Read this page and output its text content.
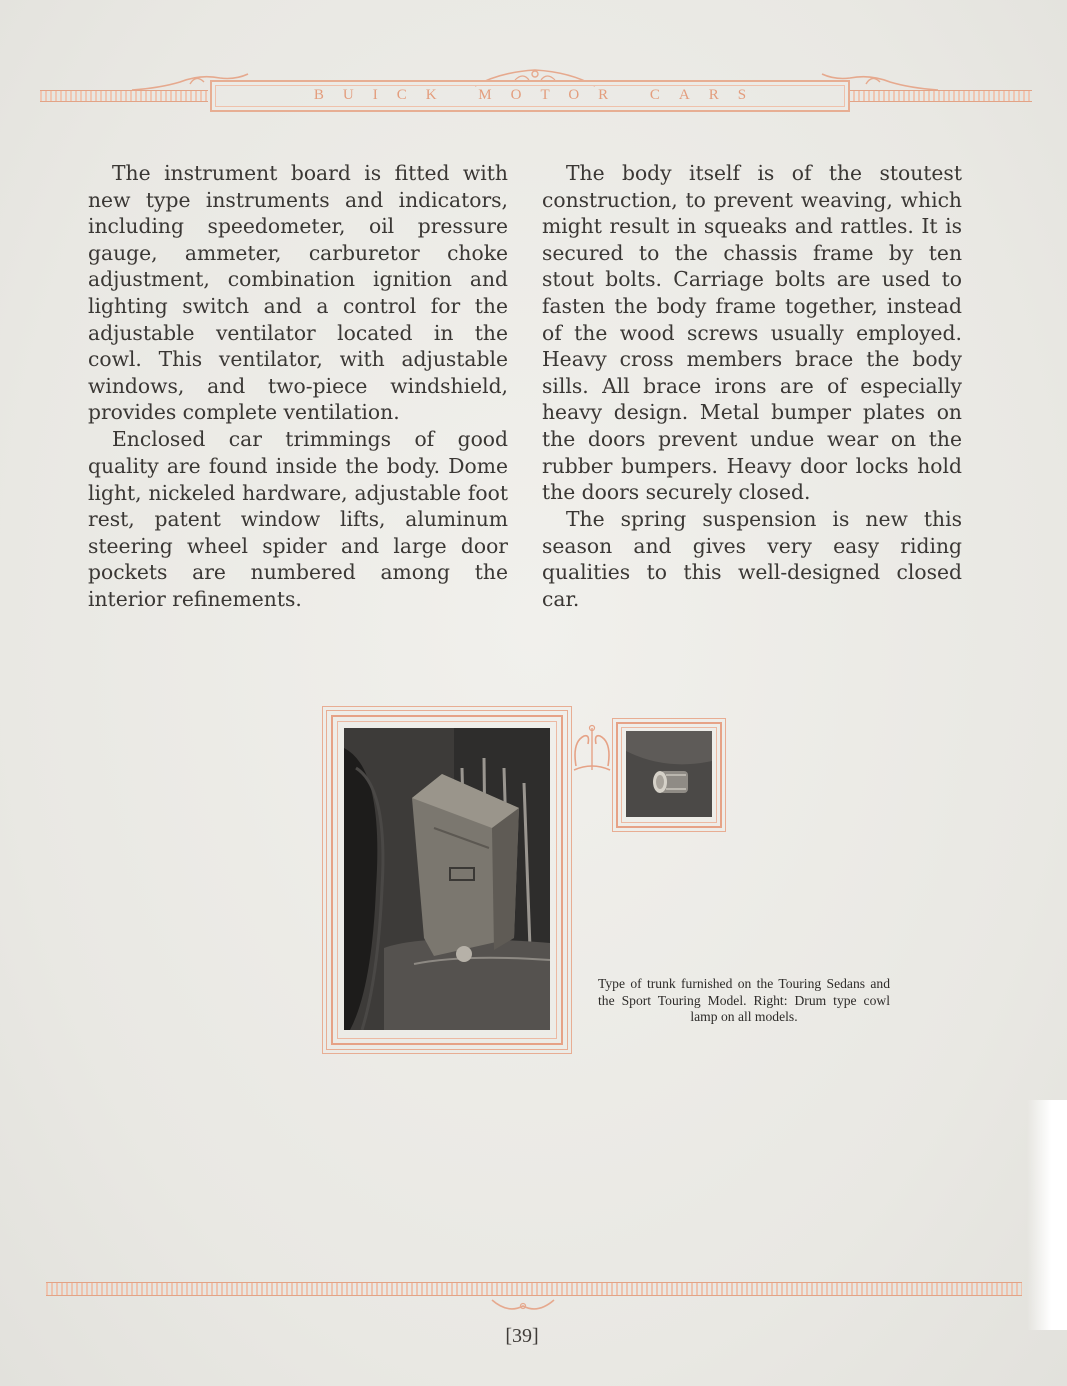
BUICK MOTOR CARS

The instrument board is fitted with new type instruments and indicators, including speedometer, oil pressure gauge, ammeter, carburetor choke adjustment, combination ignition and lighting switch and a control for the adjustable ventilator located in the cowl. This ventilator, with adjustable windows, and two-piece windshield, provides complete ventilation.

Enclosed car trimmings of good quality are found inside the body. Dome light, nickeled hardware, adjustable foot rest, patent window lifts, aluminum steering wheel spider and large door pockets are numbered among the interior refinements.

The body itself is of the stoutest construction, to prevent weaving, which might result in squeaks and rattles. It is secured to the chassis frame by ten stout bolts. Carriage bolts are used to fasten the body frame together, instead of the wood screws usually employed. Heavy cross members brace the body sills. All brace irons are of especially heavy design. Metal bumper plates on the doors prevent undue wear on the rubber bumpers. Heavy door locks hold the doors securely closed.

The spring suspension is new this season and gives very easy riding qualities to this well-designed closed car.

Type of trunk furnished on the Touring Sedans and the Sport Touring Model. Right: Drum type cowl lamp on all models.
[39]
